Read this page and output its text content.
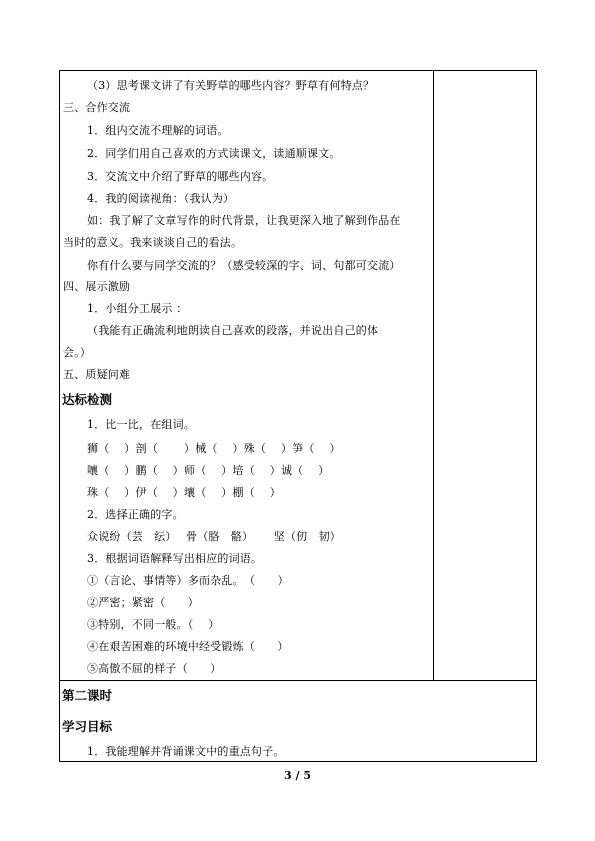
（3）思考课文讲了有关野草的哪些内容？野草有何特点？
三、合作交流
1．组内交流不理解的词语。
2．同学们用自己喜欢的方式读课文，读通顺课文。
3．交流文中介绍了野草的哪些内容。
4．我的阅读视角：（我认为）
如：我了解了文章写作的时代背景，让我更深入地了解到作品在
当时的意义。我来谈谈自己的看法。
你有什么要与同学交流的？（感受较深的字、词、句都可交流）
四、展示激励
1．小组分工展示 ：
（我能有正确流利地朗读自己喜欢的段落，并说出自己的体
会。）
五、质疑问难
达标检测
1．比一比，在组词。
狮（　 ）剖（　　 ）械（　 ）殊（　 ）笋（　 ）
嚷（　 ）鹏（　 ）师（　 ）培（　 ）诚（　 ）
珠（　 ）伊（　 ）壤（　 ）棚（　 ）
2．选择正确的字。
众说纷（芸　纭）　 骨（胳　骼）　　 坚（仞　韧）
3．根据词语解释写出相应的词语。
①（言论、事情等）多而杂乱。　（　　）
②严密；紧密（　　）
③特别，不同一般。（　 ）
④在艰苦困难的环境中经受锻炼（　　）
⑤高傲不屈的样子（　　）
第二课时
学习目标
1．我能理解并背诵课文中的重点句子。
3 / 5
